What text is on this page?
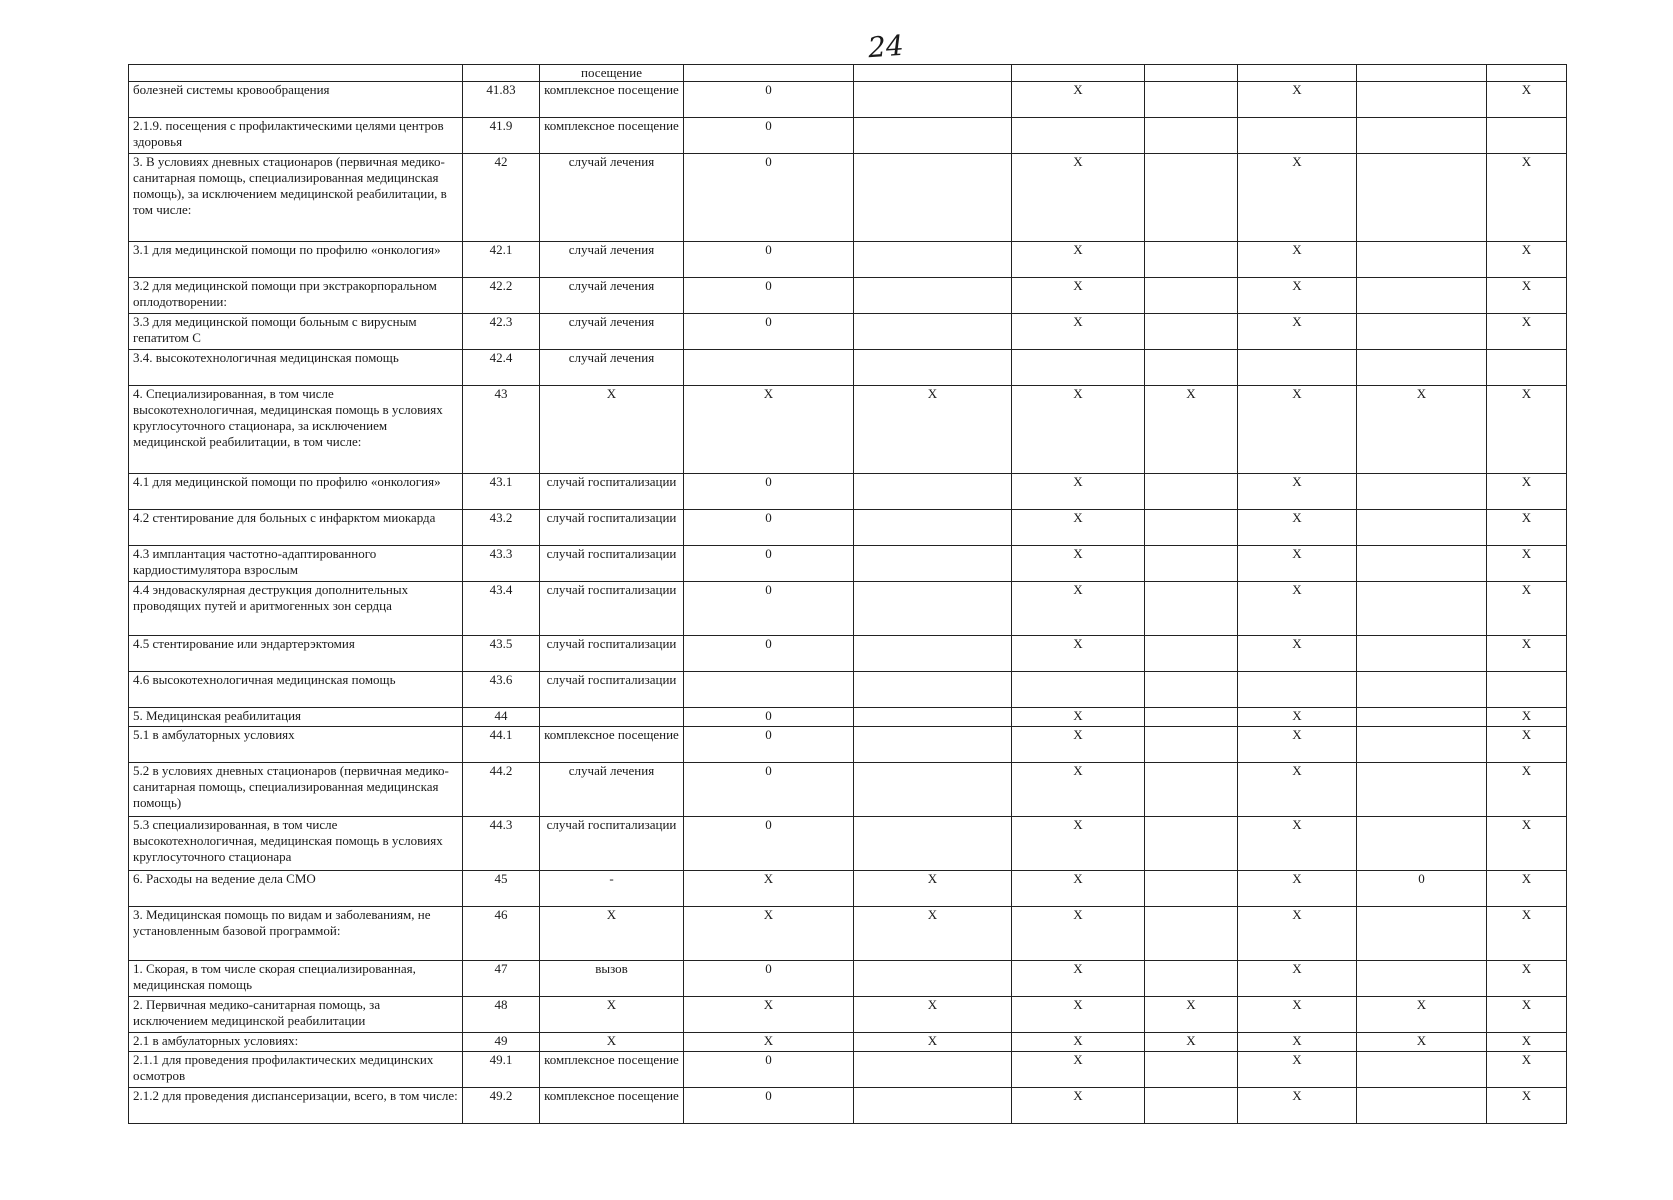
24
		посещение							
болезней системы кровообращения	41.83	комплексное посещение	0		X		X		X
2.1.9. посещения с профилактическими целями центров здоровья	41.9	комплексное посещение	0						
3. В условиях дневных стационаров (первичная медико-санитарная помощь, специализированная медицинская помощь), за исключением медицинской реабилитации, в том числе:	42	случай лечения	0		X		X		X
3.1 для медицинской помощи по профилю «онкология»	42.1	случай лечения	0		X		X		X
3.2 для медицинской помощи при экстракорпоральном оплодотворении:	42.2	случай лечения	0		X		X		X
3.3 для медицинской помощи больным с вирусным гепатитом С	42.3	случай лечения	0		X		X		X
3.4. высокотехнологичная медицинская помощь	42.4	случай лечения							
4. Специализированная, в том числе высокотехнологичная, медицинская помощь в условиях круглосуточного стационара, за исключением медицинской реабилитации, в том числе:	43	X	X	X	X	X	X	X	X
4.1 для медицинской помощи по профилю «онкология»	43.1	случай госпитализации	0		X		X		X
4.2 стентирование для больных с инфарктом миокарда	43.2	случай госпитализации	0		X		X		X
4.3 имплантация частотно-адаптированного кардиостимулятора взрослым	43.3	случай госпитализации	0		X		X		X
4.4 эндоваскулярная деструкция дополнительных проводящих путей и аритмогенных зон сердца	43.4	случай госпитализации	0		X		X		X
4.5 стентирование или эндартерэктомия	43.5	случай госпитализации	0		X		X		X
4.6 высокотехнологичная медицинская помощь	43.6	случай госпитализации							
5. Медицинская реабилитация	44		0		X		X		X
5.1 в амбулаторных условиях	44.1	комплексное посещение	0		X		X		X
5.2 в условиях дневных стационаров (первичная медико-санитарная помощь, специализированная медицинская помощь)	44.2	случай лечения	0		X		X		X
5.3 специализированная, в том числе высокотехнологичная, медицинская помощь в условиях круглосуточного стационара	44.3	случай госпитализации	0		X		X		X
6. Расходы на ведение дела СМО	45	-	X	X	X		X	0	X
3. Медицинская помощь по видам и заболеваниям, не установленным базовой программой:	46	X	X	X	X		X		X
1. Скорая, в том числе скорая специализированная, медицинская помощь	47	вызов	0		X		X		X
2. Первичная медико-санитарная помощь, за исключением медицинской реабилитации	48	X	X	X	X	X	X	X	X
2.1 в амбулаторных условиях:	49	X	X	X	X	X	X	X	X
2.1.1 для проведения профилактических медицинских осмотров	49.1	комплексное посещение	0		X		X		X
2.1.2 для проведения диспансеризации, всего, в том числе:	49.2	комплексное посещение	0		X		X		X
